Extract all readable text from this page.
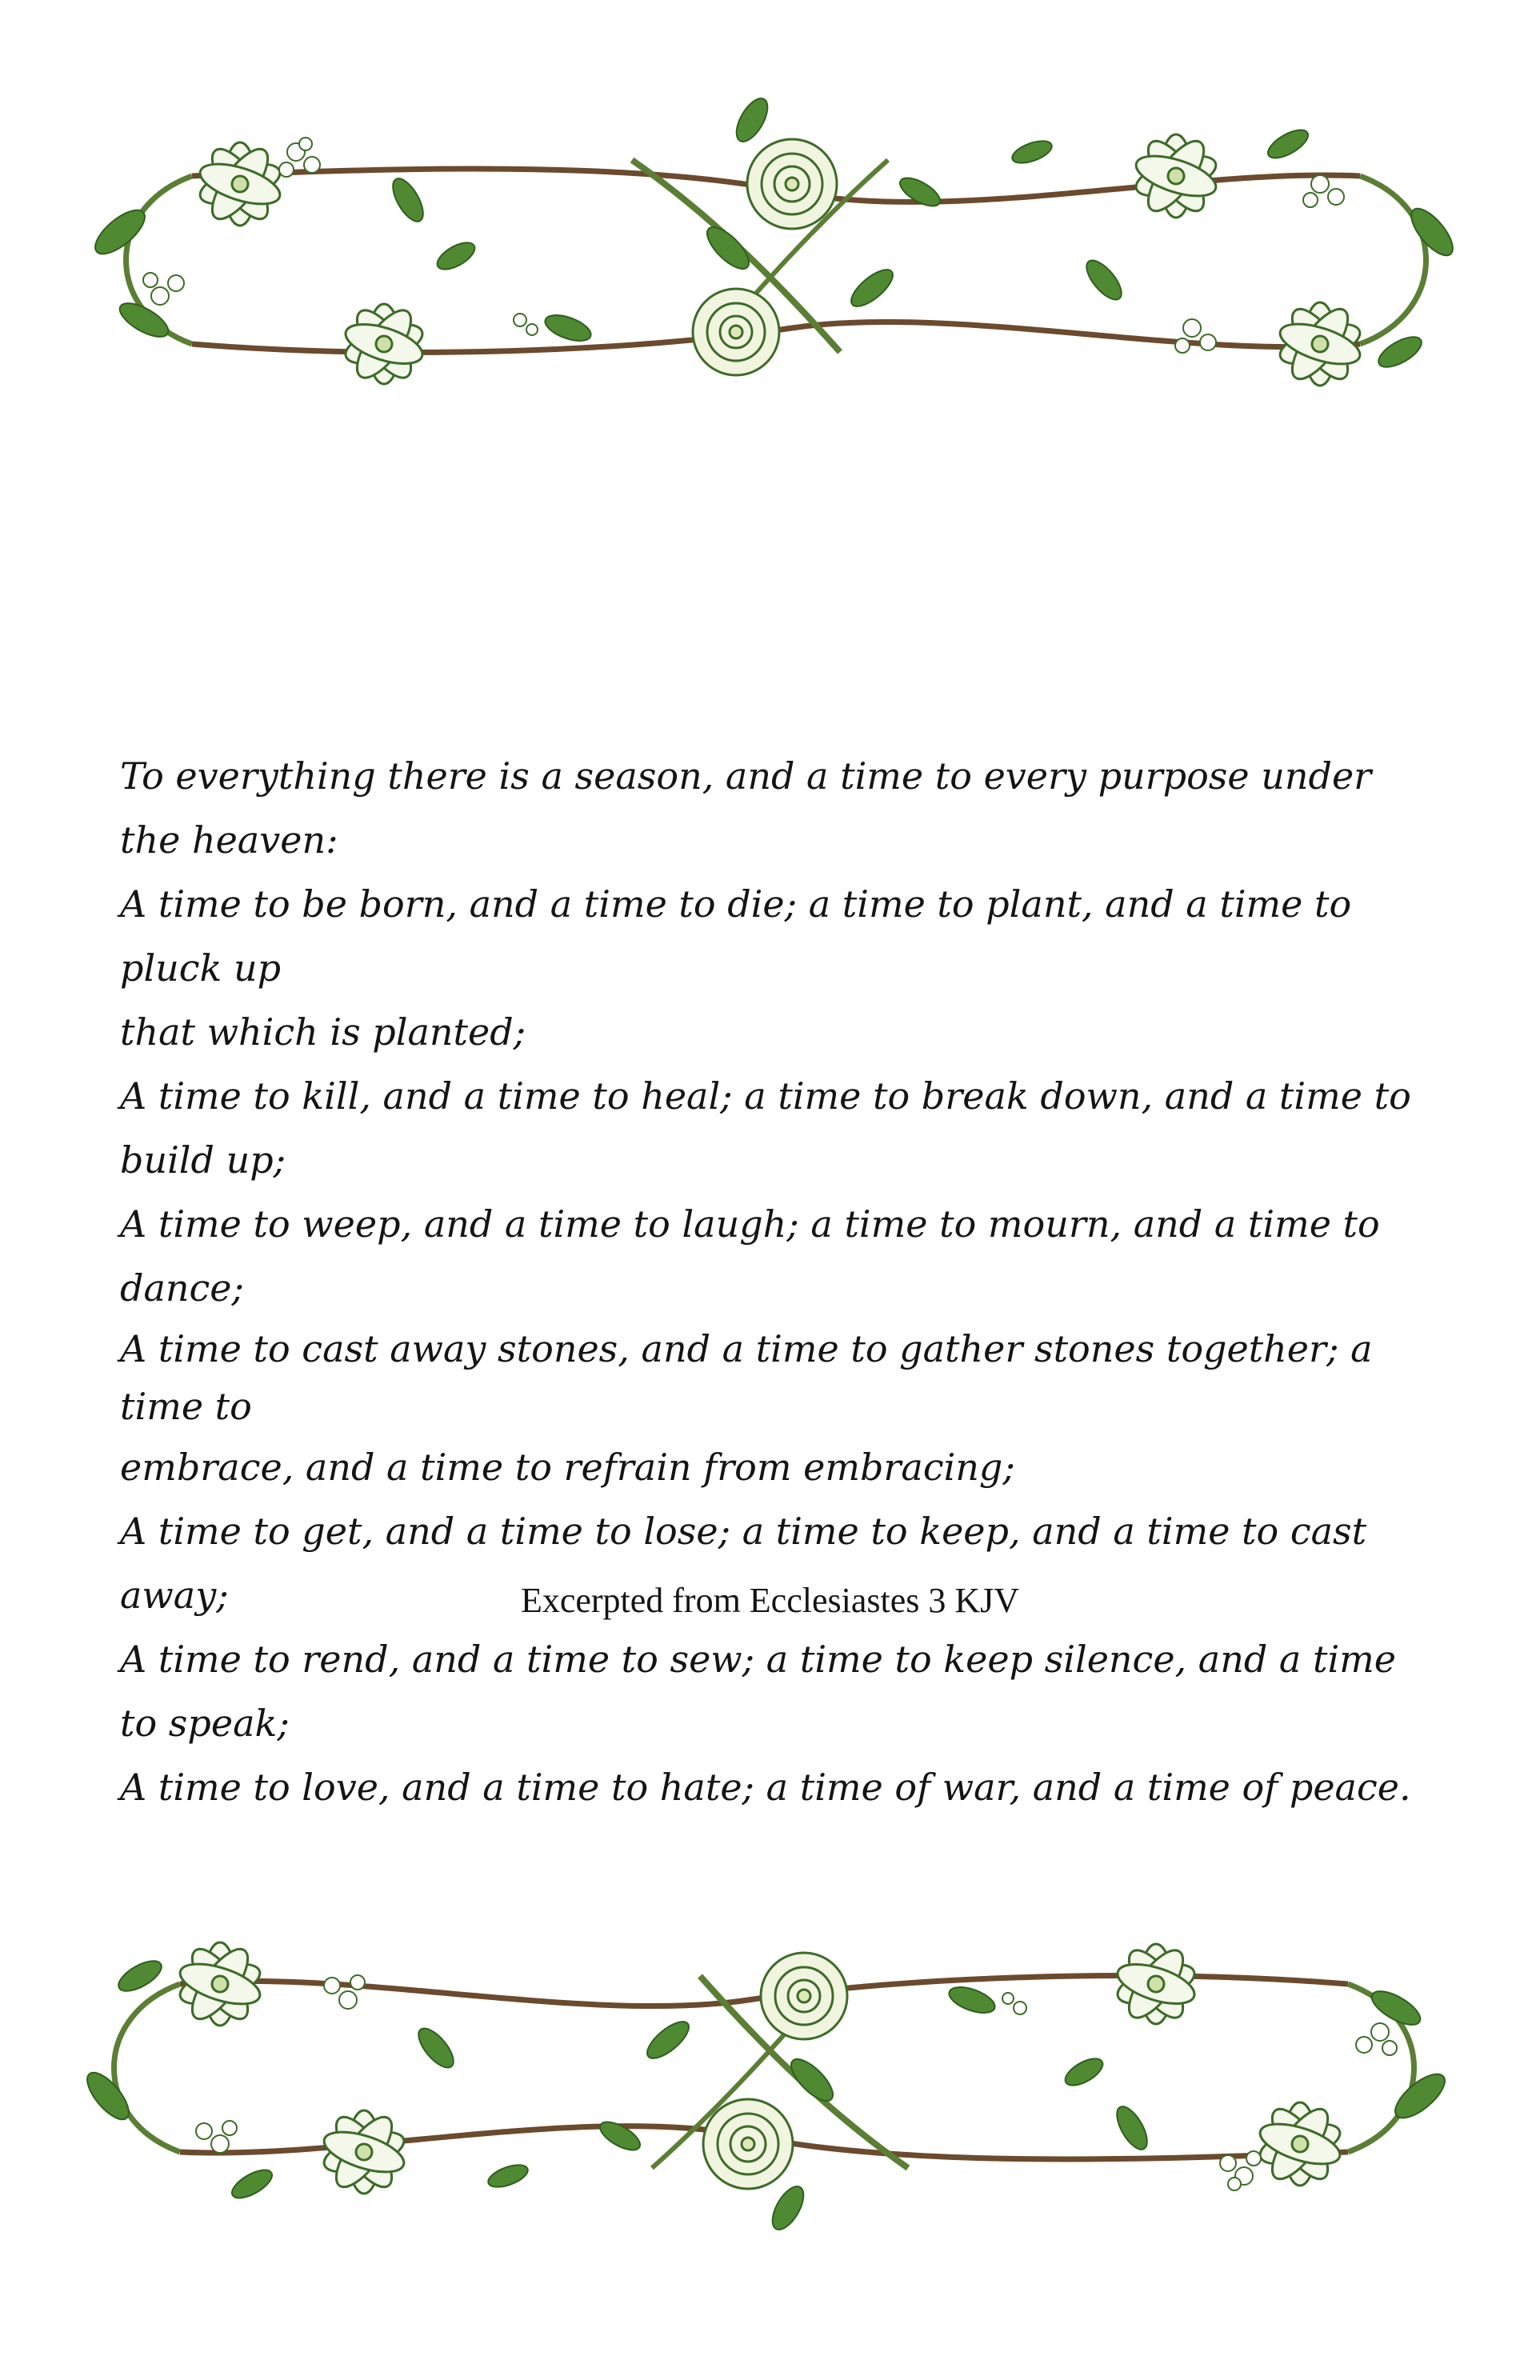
To everything there is a season, and a time to every purpose under the heaven:
A time to be born, and a time to die; a time to plant, and a time to pluck up
that which is planted;
A time to kill, and a time to heal; a time to break down, and a time to build up;
A time to weep, and a time to laugh; a time to mourn, and a time to dance;
A time to cast away stones, and a time to gather stones together; a time to
embrace, and a time to refrain from embracing;
A time to get, and a time to lose; a time to keep, and a time to cast away;
A time to rend, and a time to sew; a time to keep silence, and a time to speak;
A time to love, and a time to hate; a time of war, and a time of peace.
Excerpted from Ecclesiastes 3 KJV
